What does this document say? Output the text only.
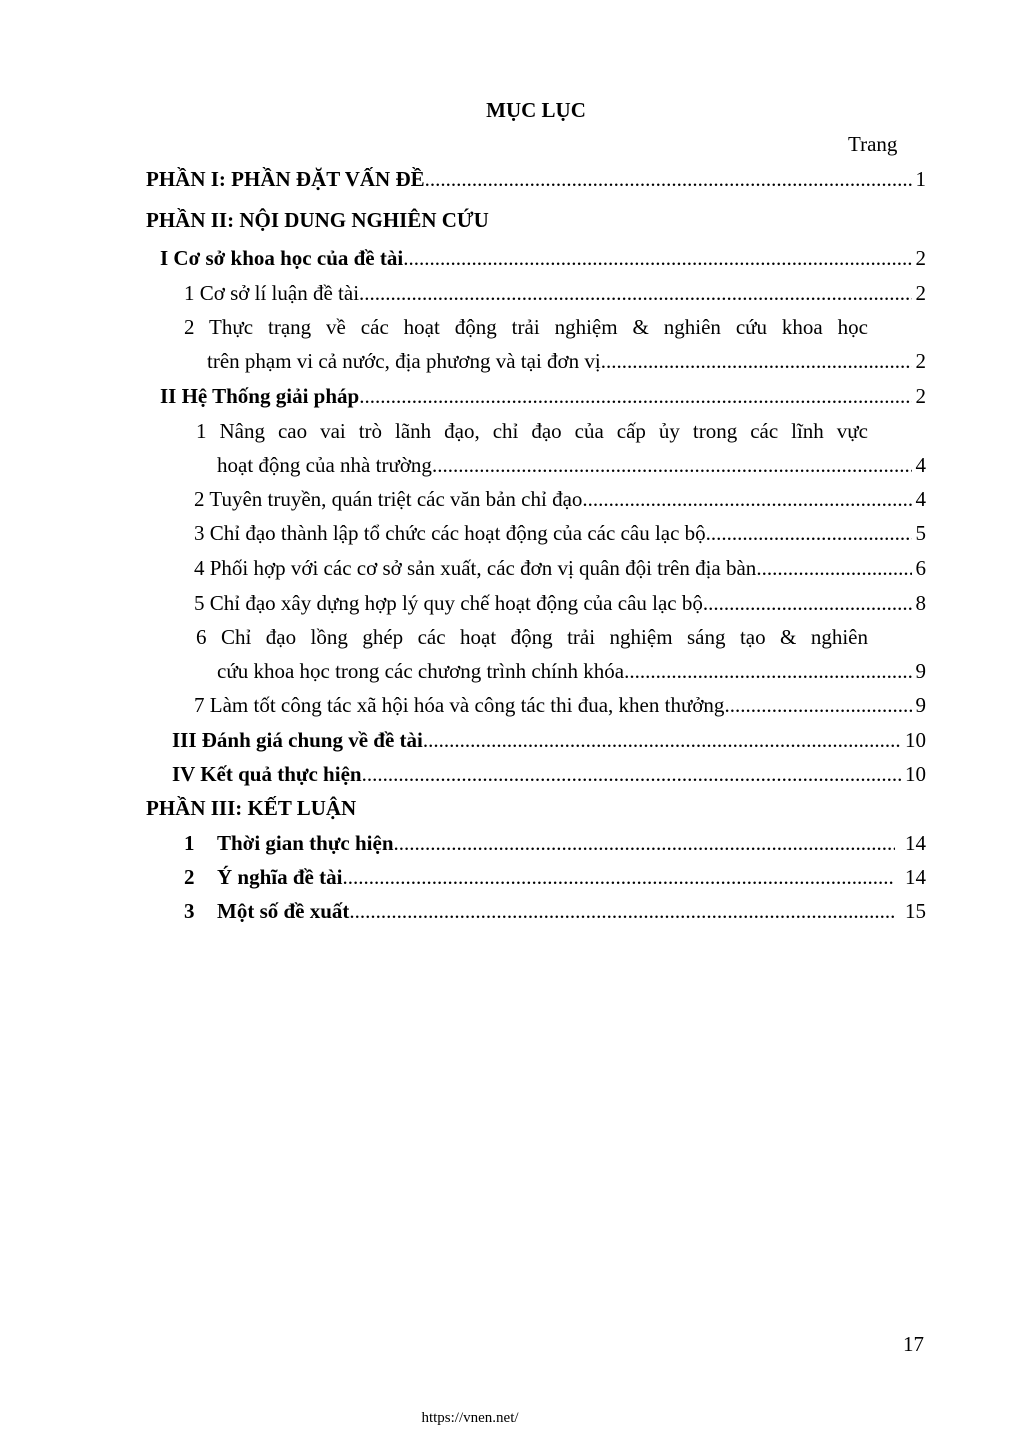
MỤC LỤC
Trang
PHẦN I: PHẦN ĐẶT VẤN ĐỀ .....	1
PHẦN II: NỘI DUNG NGHIÊN CỨU
I Cơ sở khoa học của đề tài .....	2
1 Cơ sở lí luận đề tài .....	2
2 Thực trạng về các hoạt động trải nghiệm & nghiên cứu khoa học
trên phạm vi cả nước, địa phương và tại đơn vị. .....	2
II Hệ Thống giải pháp .....	2
1 Nâng cao vai trò lãnh đạo, chỉ đạo của cấp ủy trong các lĩnh vực
hoạt động của nhà trường .....	4
2 Tuyên truyền, quán triệt các văn bản chỉ đạo .....	4
3 Chỉ đạo thành lập tổ chức các hoạt động của các câu lạc bộ .....	5
4 Phối hợp với các cơ sở sản xuất, các đơn vị quân đội trên địa bàn .....	6
5 Chỉ đạo xây dựng hợp lý quy chế hoạt động của câu lạc bộ .....	8
6 Chỉ đạo lồng ghép các hoạt động trải nghiệm sáng tạo & nghiên
cứu khoa học trong các chương trình chính khóa .....	9
7 Làm tốt công tác xã hội hóa và công tác thi đua, khen thưởng .....	9
III Đánh giá chung về đề tài .....	10
IV Kết quả thực hiện .....	10
PHẦN III: KẾT LUẬN
1	Thời gian thực hiện .....	14
2	Ý nghĩa đề tài .....	14
3	Một số đề xuất .....	15
17
https://vnen.net/
